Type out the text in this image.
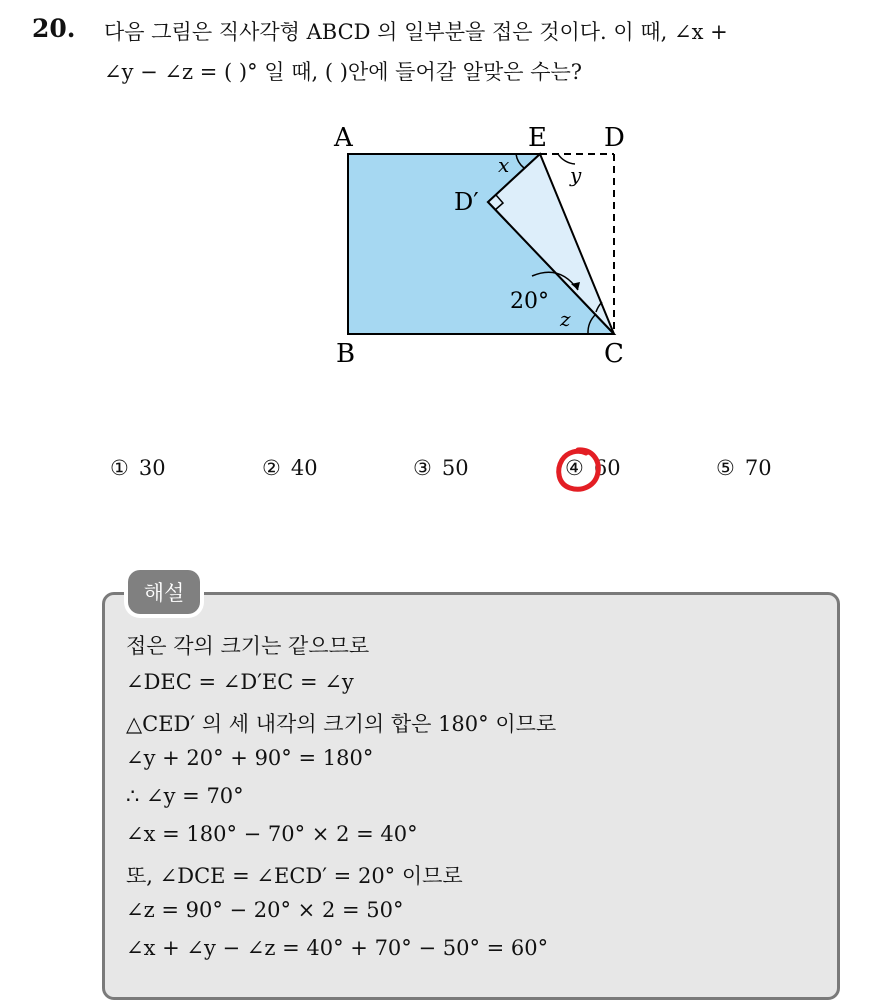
20. 다음 그림은 직사각형 ABCD 의 일부분을 접은 것이다. 이 때, ∠x +
∠y − ∠z = ( )° 일 때, ( )안에 들어갈 알맞은 수는?
A	E D
D′
B	C
x	y
z
20°
① 30	② 40	③ 50	④ 60	⑤ 70
해설
접은 각의 크기는 같으므로
∠DEC = ∠D′EC = ∠y
△CED′ 의 세 내각의 크기의 합은 180° 이므로
∠y + 20° + 90° = 180°
∴ ∠y = 70°
∠x = 180° − 70° × 2 = 40°
또, ∠DCE = ∠ECD′ = 20° 이므로
∠z = 90° − 20° × 2 = 50°
∠x + ∠y − ∠z = 40° + 70° − 50° = 60°
